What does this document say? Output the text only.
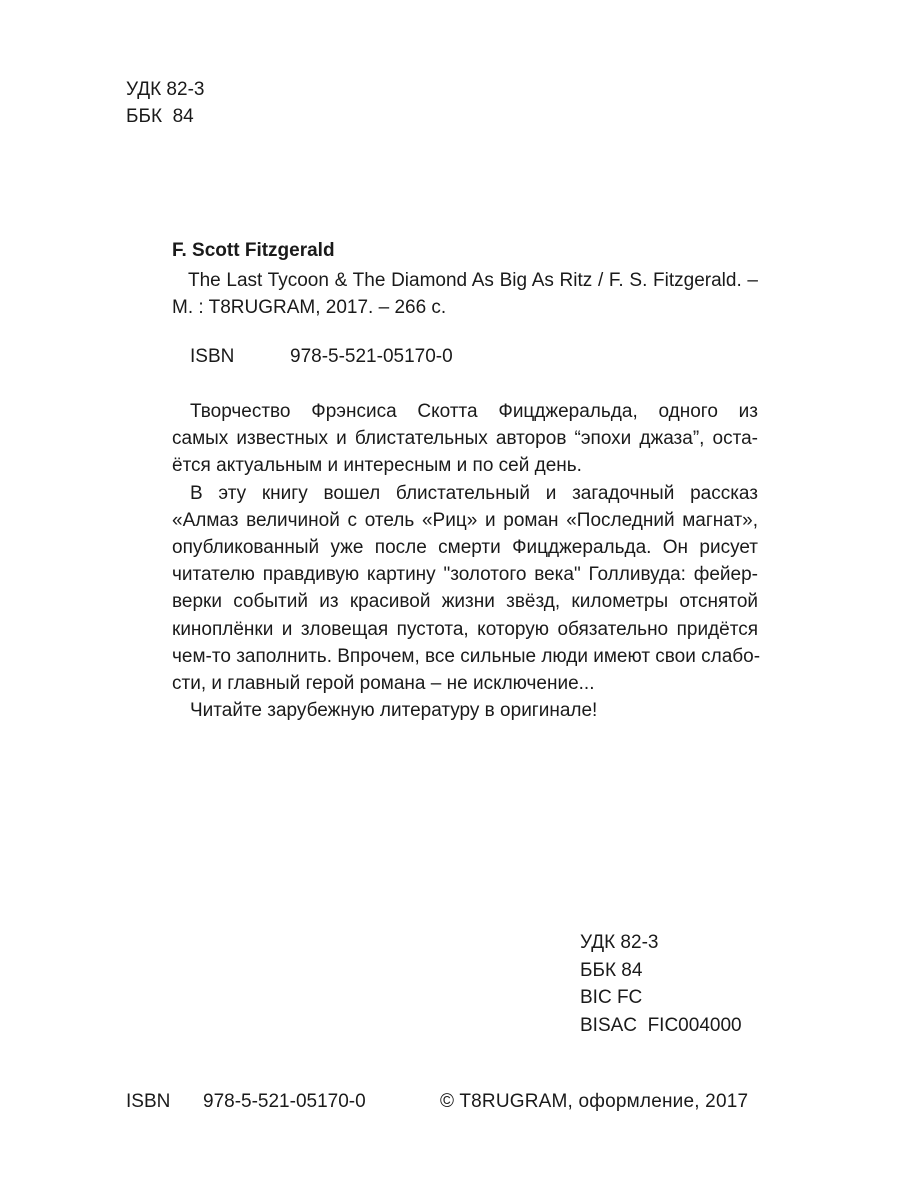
УДК 82-3
ББК  84
F. Scott Fitzgerald
The Last Tycoon & The Diamond As Big As Ritz / F. S. Fitzgerald. –
M. : T8RUGRAM, 2017. – 266 c.
ISBN	978-5-521-05170-0
Творчество Фрэнсиса Скотта Фицджеральда, одного из
самых известных и блистательных авторов “эпохи джаза”, оста-
ётся актуальным и интересным и по сей день.
В эту книгу вошел блистательный и загадочный рассказ
«Алмаз величиной с отель «Риц» и роман «Последний магнат»,
опубликованный уже после смерти Фицджеральда. Он рисует
читателю правдивую картину "золотого века" Голливуда: фейер-
верки событий из красивой жизни звёзд, километры отснятой
киноплёнки и зловещая пустота, которую обязательно придётся
чем-то заполнить. Впрочем, все сильные люди имеют свои слабо-
сти, и главный герой романа – не исключение...
Читайте зарубежную литературу в оригинале!
УДК 82-3
ББК 84
BIC FC
BISAC  FIC004000
ISBN 978-5-521-05170-0	© T8RUGRAM, оформление, 2017
